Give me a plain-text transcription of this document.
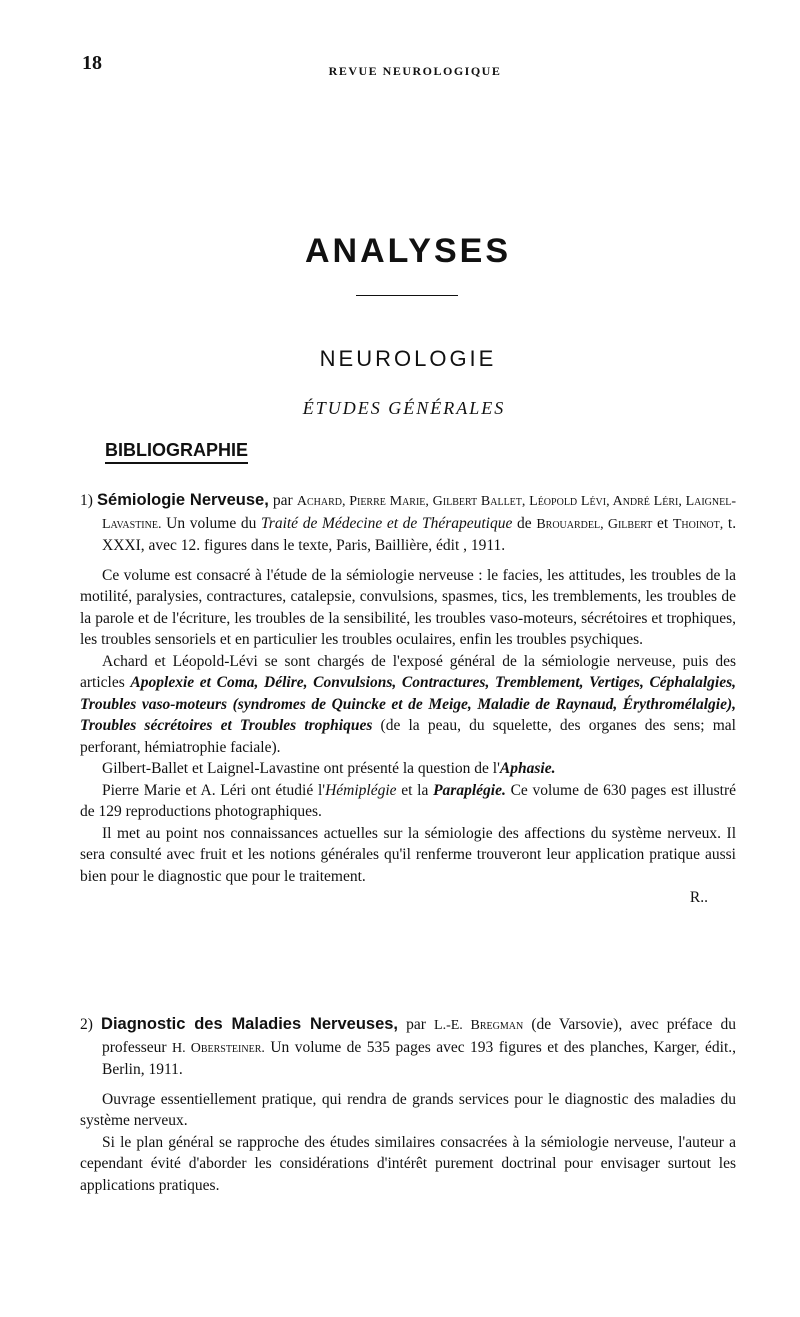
18	REVUE NEUROLOGIQUE
ANALYSES
NEUROLOGIE
ÉTUDES GÉNÉRALES
BIBLIOGRAPHIE

1) Sémiologie Nerveuse, par Achard, Pierre Marie, Gilbert Ballet, Léopold Lévi, André Léri, Laignel-Lavastine. Un volume du Traité de Médecine et de Thérapeutique de Brouardel, Gilbert et Thoinot, t. XXXI, avec 12. figures dans le texte, Paris, Baillière, édit , 1911.

Ce volume est consacré à l'étude de la sémiologie nerveuse : le facies, les attitudes, les troubles de la motilité, paralysies, contractures, catalepsie, convulsions, spasmes, tics, les tremblements, les troubles de la parole et de l'écriture, les troubles de la sensibilité, les troubles vaso-moteurs, sécrétoires et trophiques, les troubles sensoriels et en particulier les troubles oculaires, enfin les troubles psychiques.

Achard et Léopold-Lévi se sont chargés de l'exposé général de la sémiologie nerveuse, puis des articles Apoplexie et Coma, Délire, Convulsions, Contractures, Tremblement, Vertiges, Céphalalgies, Troubles vaso-moteurs (syndromes de Quincke et de Meige, Maladie de Raynaud, Érythromélalgie), Troubles sécrétoires et Troubles trophiques (de la peau, du squelette, des organes des sens; mal perforant, hémiatrophie faciale).

Gilbert-Ballet et Laignel-Lavastine ont présenté la question de l'Aphasie.

Pierre Marie et A. Léri ont étudié l'Hémiplégie et la Paraplégie. Ce volume de 630 pages est illustré de 129 reproductions photographiques.

Il met au point nos connaissances actuelles sur la sémiologie des affections du système nerveux. Il sera consulté avec fruit et les notions générales qu'il renferme trouveront leur application pratique aussi bien pour le diagnostic que pour le traitement.

R..

2) Diagnostic des Maladies Nerveuses, par L.-E. Bregman (de Varsovie), avec préface du professeur H. Obersteiner. Un volume de 535 pages avec 193 figures et des planches, Karger, édit., Berlin, 1911.

Ouvrage essentiellement pratique, qui rendra de grands services pour le diagnostic des maladies du système nerveux.

Si le plan général se rapproche des études similaires consacrées à la sémiologie nerveuse, l'auteur a cependant évité d'aborder les considérations d'intérêt purement doctrinal pour envisager surtout les applications pratiques.
